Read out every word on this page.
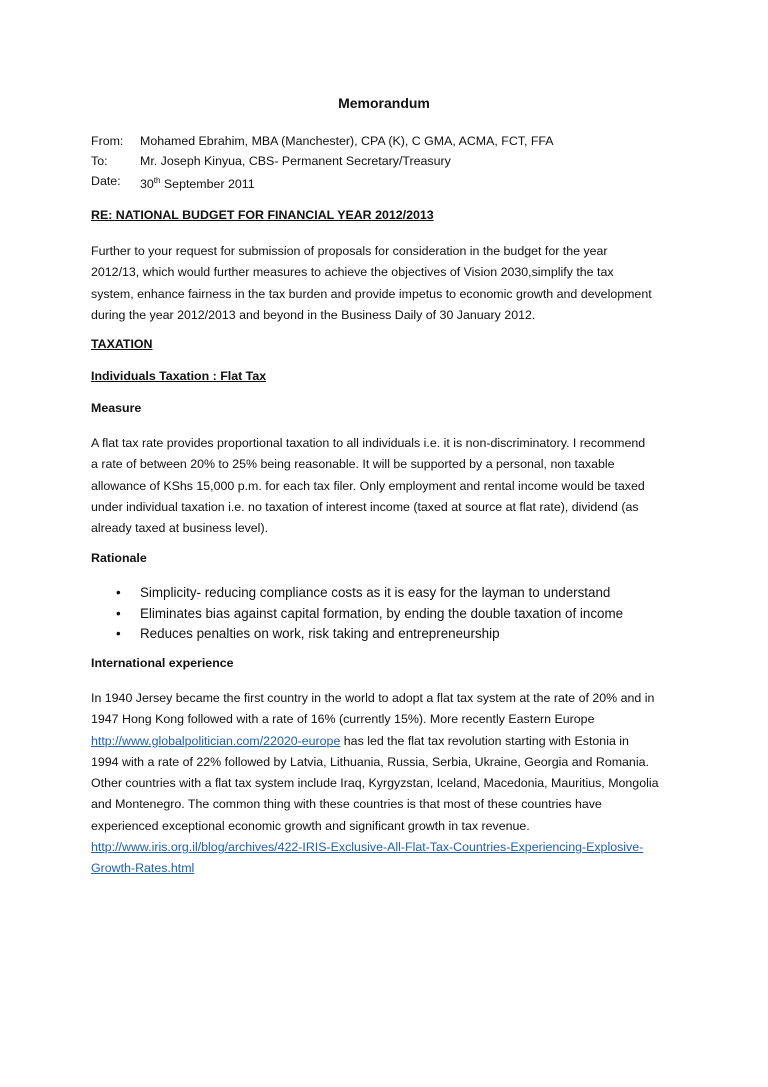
Memorandum
From:	Mohamed Ebrahim, MBA (Manchester), CPA (K), C GMA, ACMA, FCT, FFA
To:	Mr. Joseph Kinyua, CBS- Permanent Secretary/Treasury
Date:	30th September 2011
RE: NATIONAL BUDGET FOR FINANCIAL YEAR 2012/2013
Further to your request for submission of proposals for consideration in the budget for the year
2012/13, which would further measures to achieve the objectives of Vision 2030,simplify the tax
system, enhance fairness in the tax burden and provide impetus to economic growth and development
during the year 2012/2013 and beyond in the Business Daily of 30 January 2012.
TAXATION
Individuals Taxation : Flat Tax
Measure
A flat tax rate provides proportional taxation to all individuals i.e. it is non-discriminatory. I recommend
a rate of between 20% to 25% being reasonable. It will be supported by a personal, non taxable
allowance of KShs 15,000 p.m. for each tax filer. Only employment and rental income would be taxed
under individual taxation i.e. no taxation of interest income (taxed at source at flat rate), dividend (as
already taxed at business level).
Rationale
•	Simplicity- reducing compliance costs as it is easy for the layman to understand
•	Eliminates bias against capital formation, by ending the double taxation of income
•	Reduces penalties on work, risk taking and entrepreneurship
International experience
In 1940 Jersey became the first country in the world to adopt a flat tax system at the rate of 20% and in
1947 Hong Kong followed with a rate of 16% (currently 15%). More recently Eastern Europe
http://www.globalpolitician.com/22020-europe has led the flat tax revolution starting with Estonia in
1994 with a rate of 22% followed by Latvia, Lithuania, Russia, Serbia, Ukraine, Georgia and Romania.
Other countries with a flat tax system include Iraq, Kyrgyzstan, Iceland, Macedonia, Mauritius, Mongolia
and Montenegro. The common thing with these countries is that most of these countries have
experienced exceptional economic growth and significant growth in tax revenue.
http://www.iris.org.il/blog/archives/422-IRIS-Exclusive-All-Flat-Tax-Countries-Experiencing-Explosive-
Growth-Rates.html
